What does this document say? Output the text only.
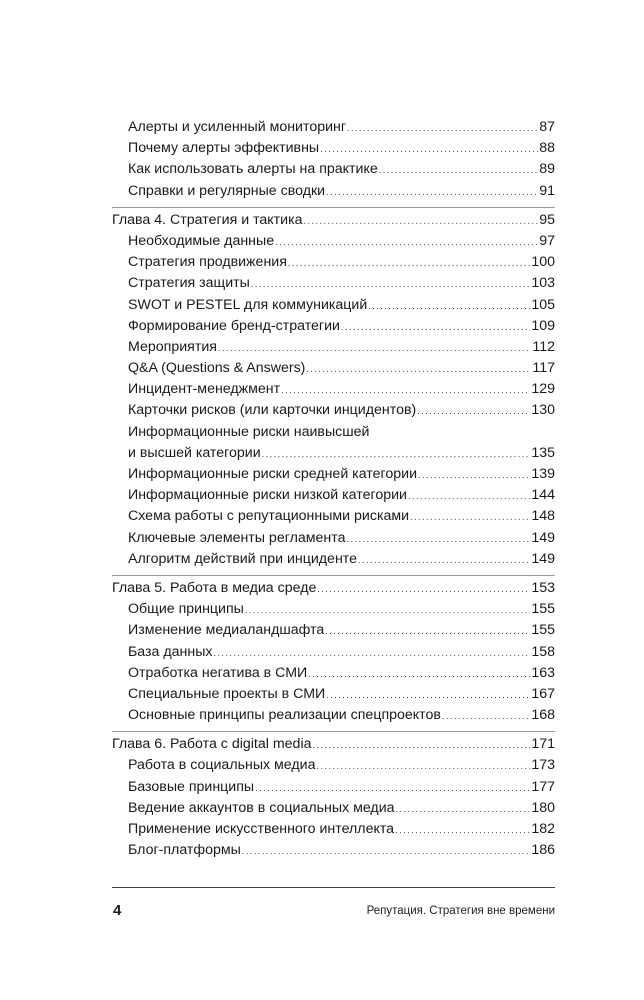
Алерты и усиленный мониторинг .....	87
Почему алерты эффективны .....	88
Как использовать алерты на практике .....	89
Справки и регулярные сводки .....	91
Глава 4. Стратегия и тактика .....	95
Необходимые данные .....	97
Стратегия продвижения .....	100
Стратегия защиты .....	103
SWOT и PESTEL для коммуникаций .....	105
Формирование бренд-стратегии .....	109
Мероприятия .....	112
Q&A (Questions & Answers) .....	117
Инцидент-менеджмент .....	129
Карточки рисков (или карточки инцидентов) .....	130
Информационные риски наивысшей
и высшей категории .....	135
Информационные риски средней категории .....	139
Информационные риски низкой категории .....	144
Схема работы с репутационными рисками .....	148
Ключевые элементы регламента .....	149
Алгоритм действий при инциденте .....	149
Глава 5. Работа в медиа среде .....	153
Общие принципы .....	155
Изменение медиаландшафта .....	155
База данных .....	158
Отработка негатива в СМИ .....	163
Специальные проекты в СМИ .....	167
Основные принципы реализации спецпроектов .....	168
Глава 6. Работа с digital media .....	171
Работа в социальных медиа .....	173
Базовые принципы .....	177
Ведение аккаунтов в социальных медиа .....	180
Применение искусственного интеллекта .....	182
Блог-платформы .....	186
4	Репутация. Стратегия вне времени
